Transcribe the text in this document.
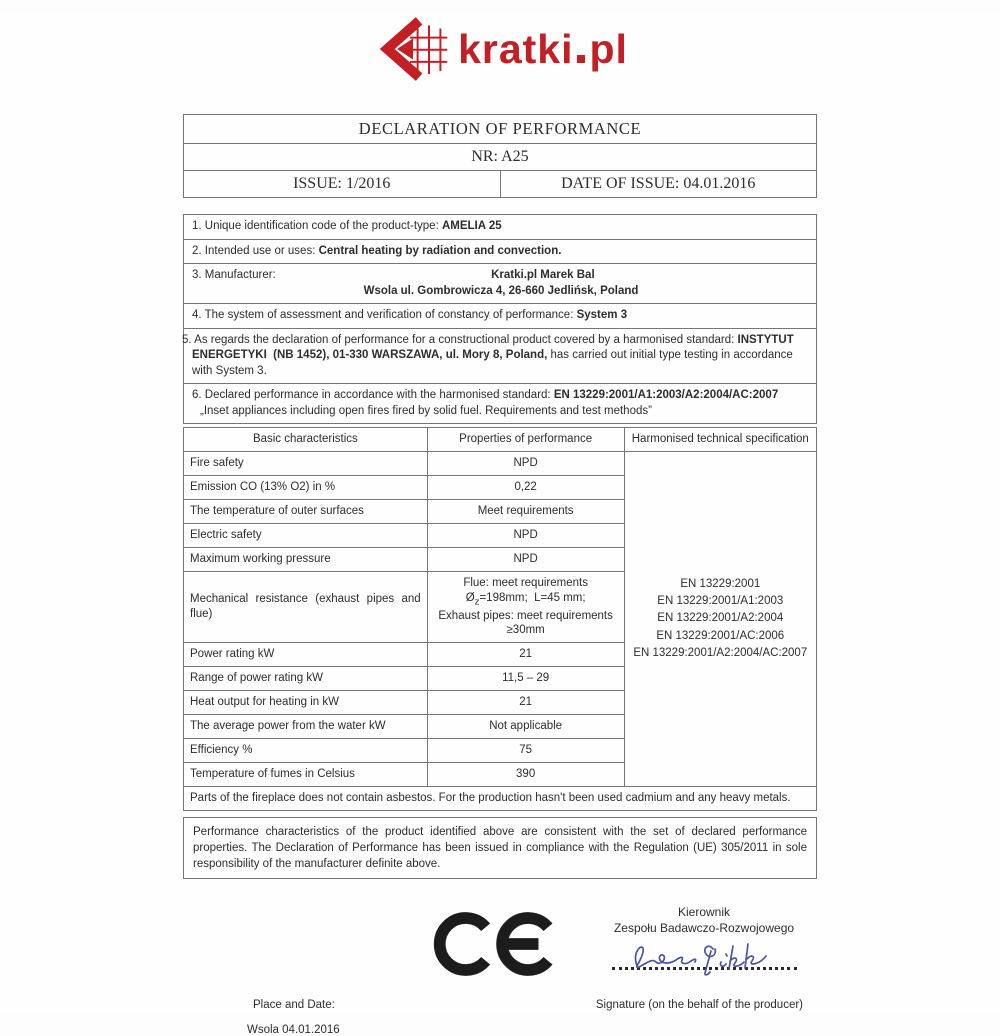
kratki pl
DECLARATION OF PERFORMANCE
NR: A25
ISSUE: 1/2016	DATE OF ISSUE: 04.01.2016
1. Unique identification code of the product-type: AMELIA 25
2. Intended use or uses: Central heating by radiation and convection.

3. Manufacturer:	Kratki.pl Marek Bal
Wsola ul. Gombrowicza 4, 26-660 Jedlińsk, Poland

4. The system of assessment and verification of constancy of performance: System 3
5. As regards the declaration of performance for a constructional product covered by a harmonised standard: INSTYTUT ENERGETYKI  (NB 1452), 01-330 WARSZAWA, ul. Mory 8, Poland, has carried out initial type testing in accordance with System 3.

6. Declared performance in accordance with the harmonised standard: EN 13229:2001/A1:2003/A2:2004/AC:2007
„Inset appliances including open fires fired by solid fuel. Requirements and test methods”
Basic characteristics	Properties of performance	Harmonised technical specification
Fire safety	NPD	EN 13229:2001
EN 13229:2001/A1:2003
EN 13229:2001/A2:2004
EN 13229:2001/AC:2006
EN 13229:2001/A2:2004/AC:2007

Emission CO (13% O2) in %	0,22	
The temperature of outer surfaces	Meet requirements	
Electric safety	NPD	
Maximum working pressure	NPD	
Mechanical resistance (exhaust pipes and flue)	Flue: meet requirements
$Ø_z=198mm$;  L=45 mm;
Exhaust pipes: meet requirements
≥30mm	

Power rating kW	21	
Range of power rating kW	11,5 – 29	
Heat output for heating in kW	21	
The average power from the water kW	Not applicable	
Efficiency %	75	
Temperature of fumes in Celsius	390	
Parts of the fireplace does not contain asbestos. For the production hasn't been used cadmium and any heavy metals.		
Performance characteristics of the product identified above are consistent with the set of declared performance properties. The Declaration of Performance has been issued in compliance with the Regulation (UE) 305/2011 in sole responsibility of the manufacturer definite above.
Kierownik
Zespołu Badawczo-Rozwojowego
Place and Date:	Signature (on the behalf of the producer)
Wsola 04.01.2016
